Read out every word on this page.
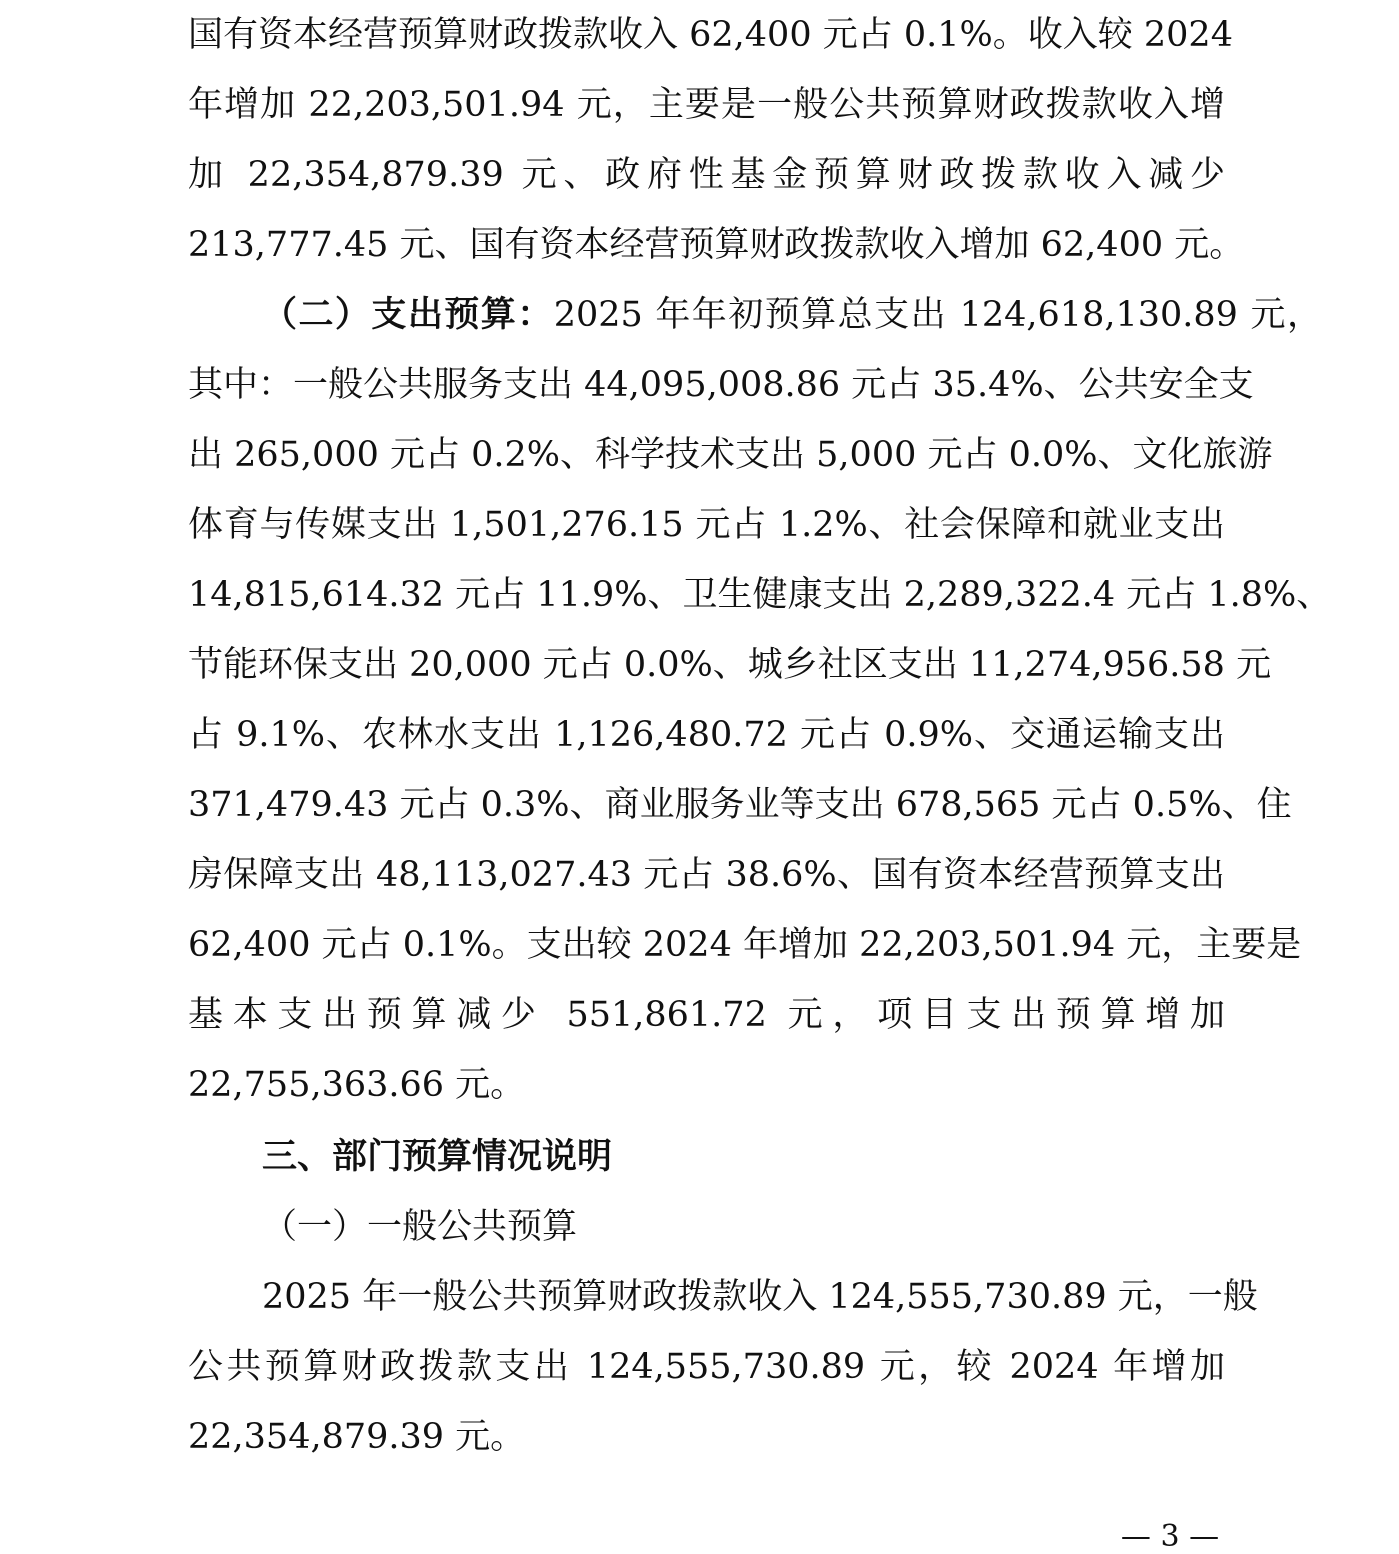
国有资本经营预算财政拨款收入 62,400 元占 0.1%。收入较 2024
年增加 22,203,501.94 元，主要是一般公共预算财政拨款收入增
加 22,354,879.39 元、政府性基金预算财政拨款收入减少
213,777.45 元、国有资本经营预算财政拨款收入增加 62,400 元。
（二）支出预算：2025 年年初预算总支出 124,618,130.89 元，
其中：一般公共服务支出 44,095,008.86 元占 35.4%、公共安全支
出 265,000 元占 0.2%、科学技术支出 5,000 元占 0.0%、文化旅游
体育与传媒支出 1,501,276.15 元占 1.2%、社会保障和就业支出
14,815,614.32 元占 11.9%、卫生健康支出 2,289,322.4 元占 1.8%、
节能环保支出 20,000 元占 0.0%、城乡社区支出 11,274,956.58 元
占 9.1%、农林水支出 1,126,480.72 元占 0.9%、交通运输支出
371,479.43 元占 0.3%、商业服务业等支出 678,565 元占 0.5%、住
房保障支出 48,113,027.43 元占 38.6%、国有资本经营预算支出
62,400 元占 0.1%。支出较 2024 年增加 22,203,501.94 元，主要是
基本支出预算减少 551,861.72 元，项目支出预算增加
22,755,363.66 元。
三、部门预算情况说明
（一）一般公共预算
2025 年一般公共预算财政拨款收入 124,555,730.89 元，一般
公共预算财政拨款支出 124,555,730.89 元，较 2024 年增加
22,354,879.39 元。
— 3 —
